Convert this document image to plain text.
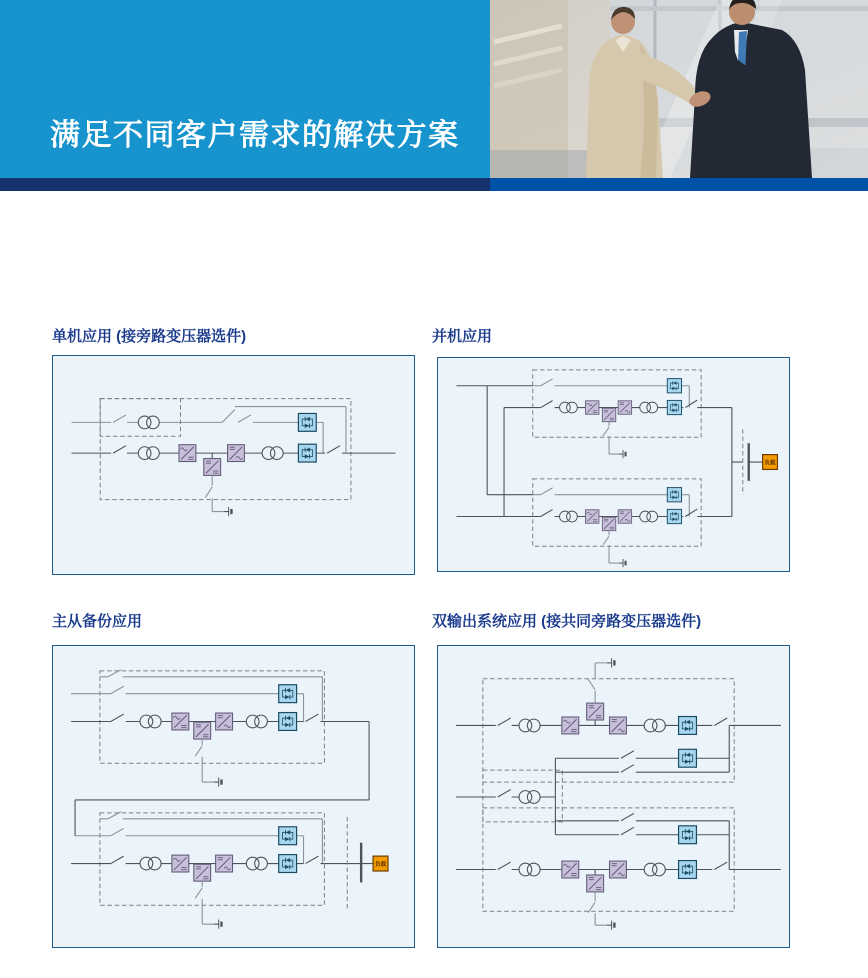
满足不同客户需求的解决方案
单机应用 (接旁路变压器选件)	并机应用
主从备份应用	双输出系统应用 (接共同旁路变压器选件)
负载
负载
